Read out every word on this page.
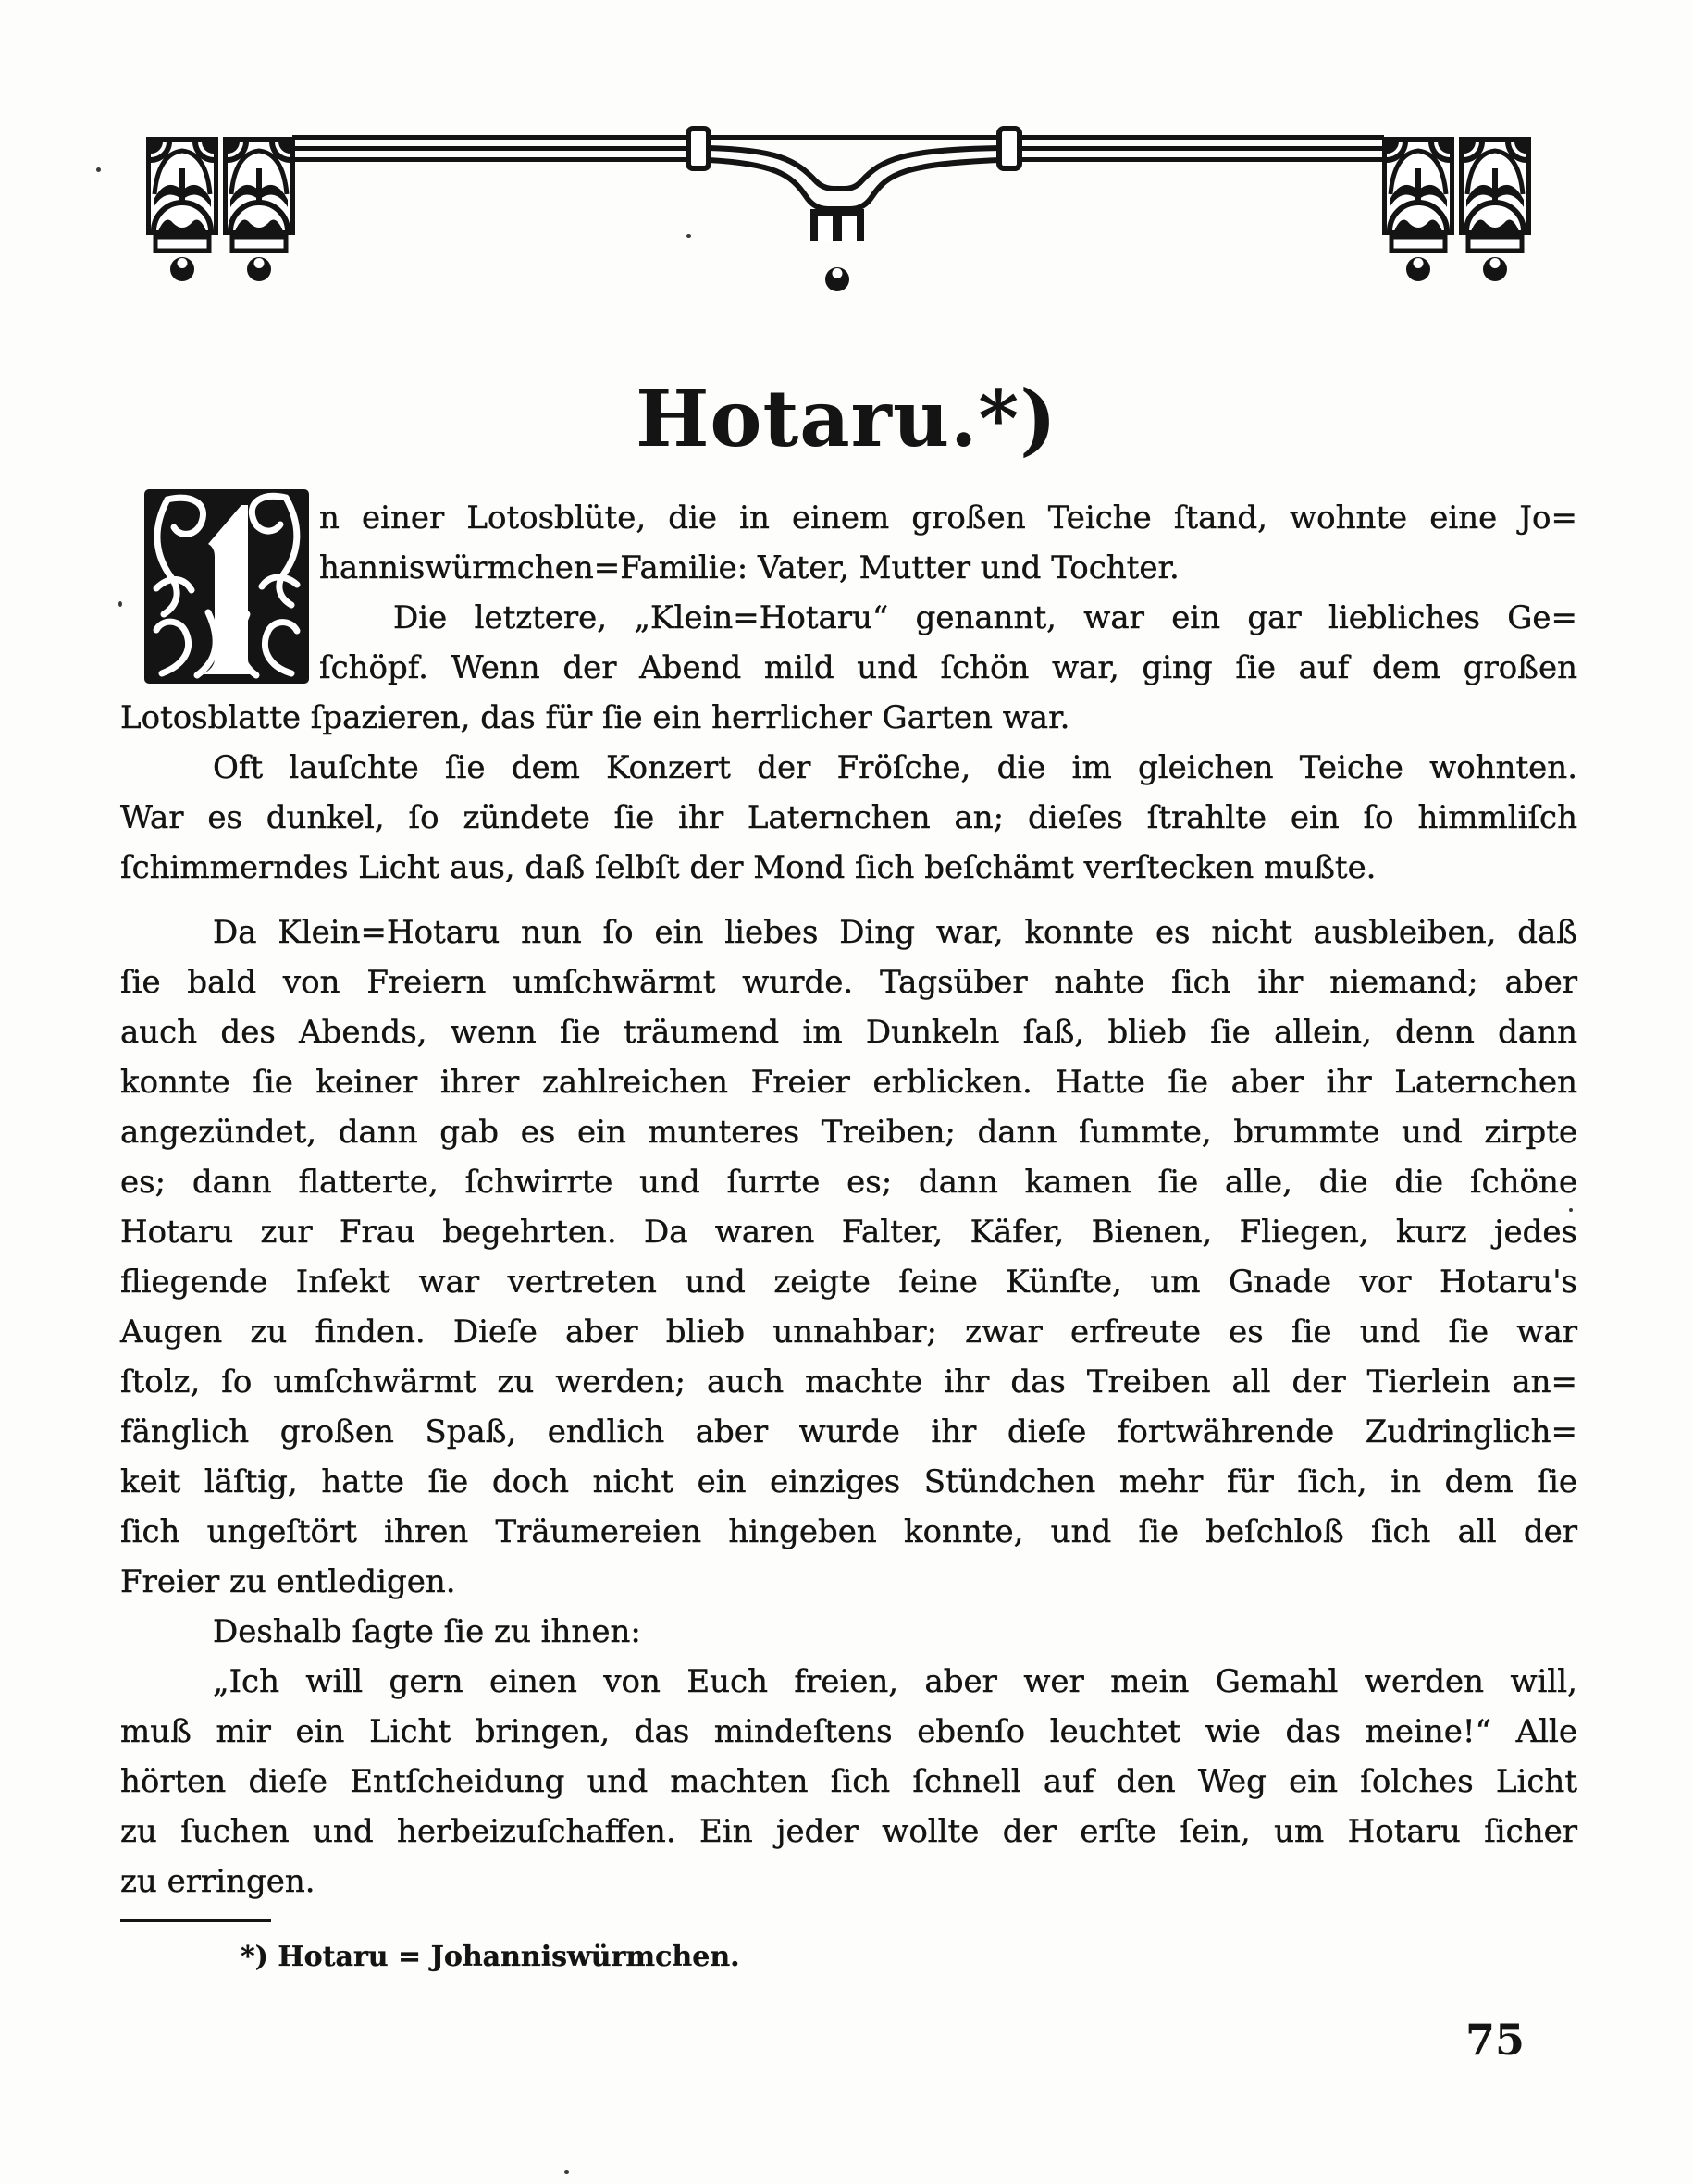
Hotaru.*)
n einer Lotosblüte, die in einem großen Teiche ſtand, wohnte eine Jo=
hanniswürmchen=Familie: Vater, Mutter und Tochter.
Die letztere, „Klein=Hotaru“ genannt, war ein gar liebliches Ge=
ſchöpf. Wenn der Abend mild und ſchön war, ging ſie auf dem großen
Lotosblatte ſpazieren, das für ſie ein herrlicher Garten war.
Oft lauſchte ſie dem Konzert der Fröſche, die im gleichen Teiche wohnten.
War es dunkel, ſo zündete ſie ihr Laternchen an; dieſes ſtrahlte ein ſo himmliſch
ſchimmerndes Licht aus, daß ſelbſt der Mond ſich beſchämt verſtecken mußte.
Da Klein=Hotaru nun ſo ein liebes Ding war, konnte es nicht ausbleiben, daß
ſie bald von Freiern umſchwärmt wurde. Tagsüber nahte ſich ihr niemand; aber
auch des Abends, wenn ſie träumend im Dunkeln ſaß, blieb ſie allein, denn dann
konnte ſie keiner ihrer zahlreichen Freier erblicken. Hatte ſie aber ihr Laternchen
angezündet, dann gab es ein munteres Treiben; dann ſummte, brummte und zirpte
es; dann flatterte, ſchwirrte und ſurrte es; dann kamen ſie alle, die die ſchöne
Hotaru zur Frau begehrten. Da waren Falter, Käfer, Bienen, Fliegen, kurz jedes
fliegende Inſekt war vertreten und zeigte ſeine Künſte, um Gnade vor Hotaru's
Augen zu finden. Dieſe aber blieb unnahbar; zwar erfreute es ſie und ſie war
ſtolz, ſo umſchwärmt zu werden; auch machte ihr das Treiben all der Tierlein an=
fänglich großen Spaß, endlich aber wurde ihr dieſe fortwährende Zudringlich=
keit läſtig, hatte ſie doch nicht ein einziges Stündchen mehr für ſich, in dem ſie
ſich ungeſtört ihren Träumereien hingeben konnte, und ſie beſchloß ſich all der
Freier zu entledigen.
Deshalb ſagte ſie zu ihnen:
„Ich will gern einen von Euch freien, aber wer mein Gemahl werden will,
muß mir ein Licht bringen, das mindeſtens ebenſo leuchtet wie das meine!“ Alle
hörten dieſe Entſcheidung und machten ſich ſchnell auf den Weg ein ſolches Licht
zu ſuchen und herbeizuſchaffen. Ein jeder wollte der erſte ſein, um Hotaru ſicher
zu erringen.
*) Hotaru = Johanniswürmchen.
75
